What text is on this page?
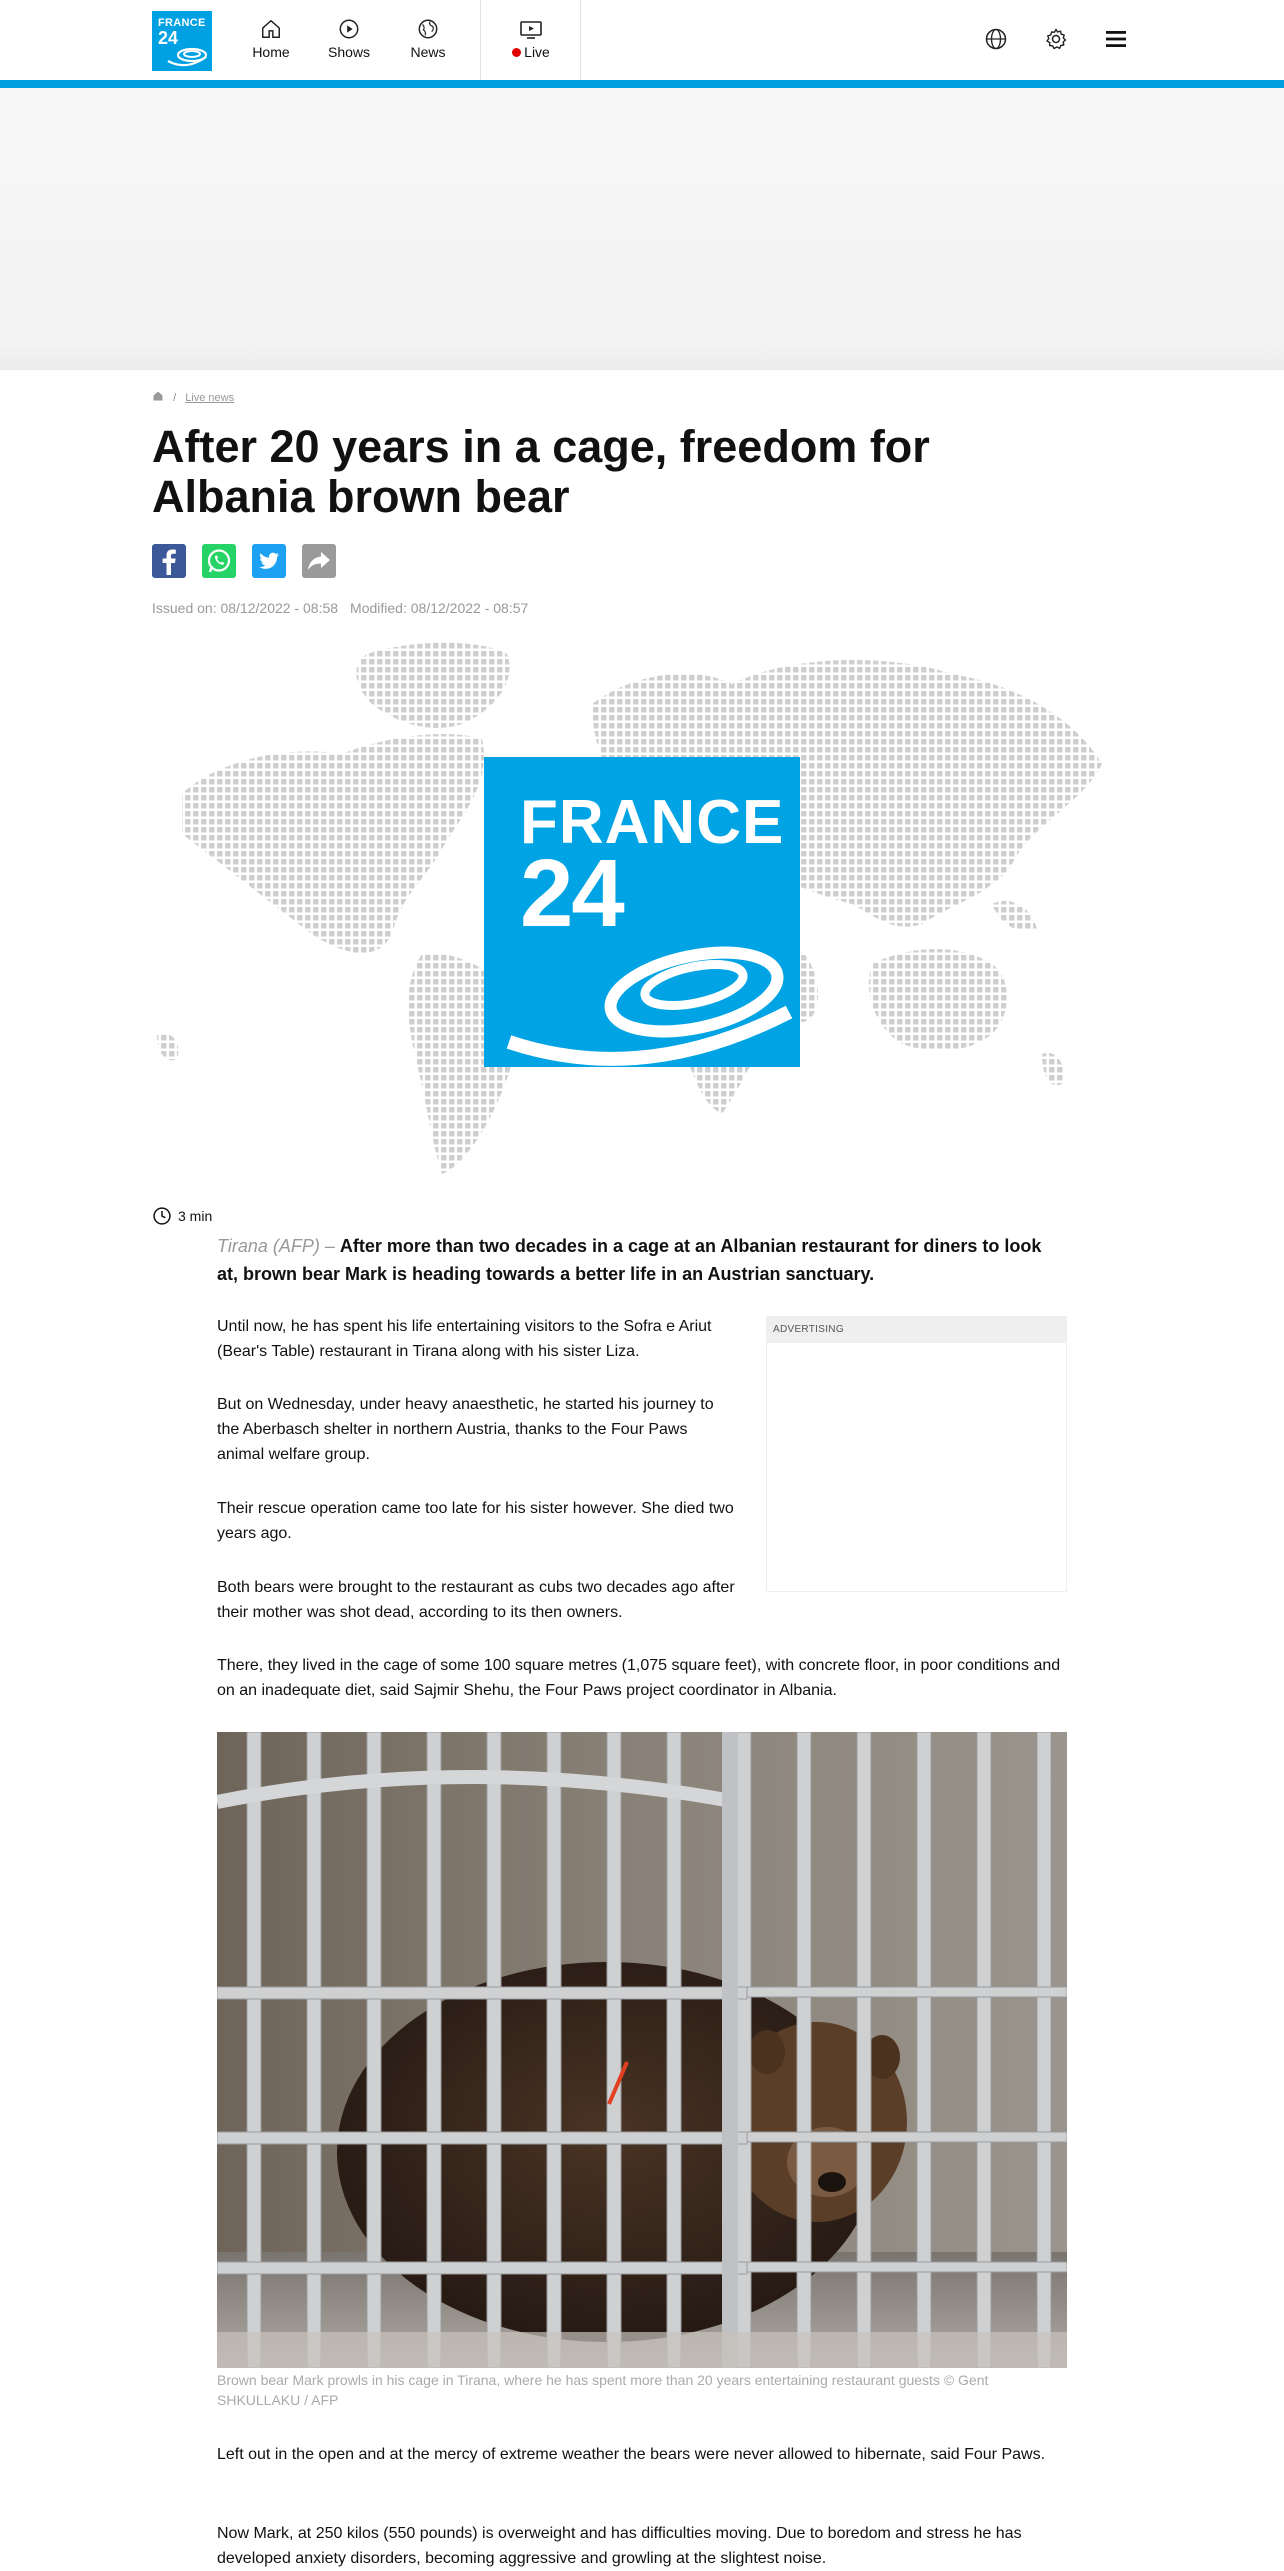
FRANCE
24
Home	Shows	News	Live
/ Live news
After 20 years in a cage, freedom for Albania brown bear
Issued on: 08/12/2022 - 08:58 Modified: 08/12/2022 - 08:57
FRANCE
24
3 min

Tirana (AFP) – After more than two decades in a cage at an Albanian restaurant for diners to look at, brown bear Mark is heading towards a better life in an Austrian sanctuary.

Until now, he has spent his life entertaining visitors to the Sofra e Ariut (Bear's Table) restaurant in Tirana along with his sister Liza.

But on Wednesday, under heavy anaesthetic, he started his journey to the Aberbasch shelter in northern Austria, thanks to the Four Paws animal welfare group.

Their rescue operation came too late for his sister however. She died two years ago.

Both bears were brought to the restaurant as cubs two decades ago after their mother was shot dead, according to its then owners.

There, they lived in the cage of some 100 square metres (1,075 square feet), with concrete floor, in poor conditions and on an inadequate diet, said Sajmir Shehu, the Four Paws project coordinator in Albania.

ADVERTISING

Brown bear Mark prowls in his cage in Tirana, where he has spent more than 20 years entertaining restaurant guests © Gent SHKULLAKU / AFP

Left out in the open and at the mercy of extreme weather the bears were never allowed to hibernate, said Four Paws.

Now Mark, at 250 kilos (550 pounds) is overweight and has difficulties moving. Due to boredom and stress he has developed anxiety disorders, becoming aggressive and growling at the slightest noise.
